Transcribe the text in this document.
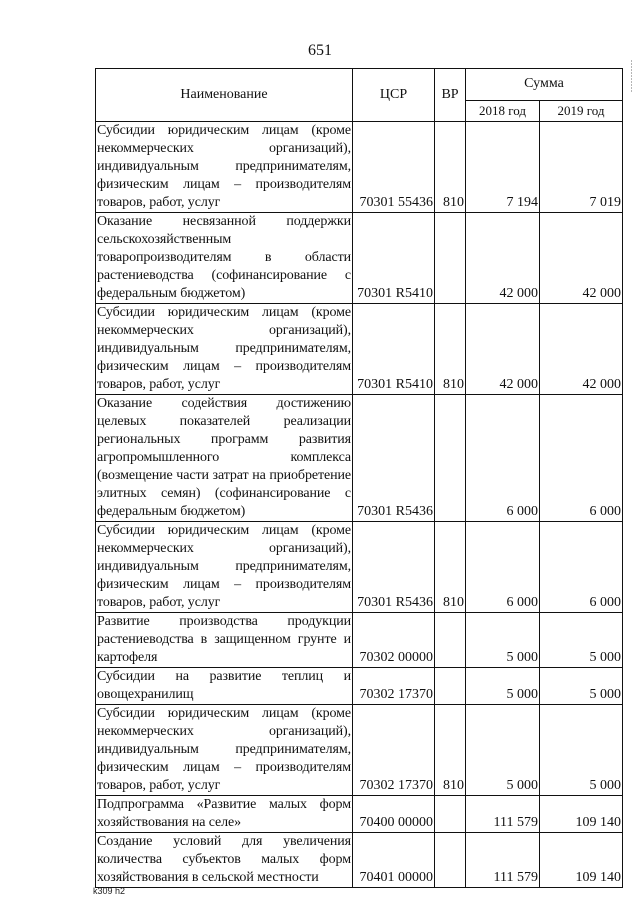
651
...........
Наименование	ЦСР	ВР	Сумма	
			2018 год	2019 год
Субсидии юридическим лицам (кроме некоммерческих организаций), индивидуальным предпринимателям, физическим лицам – производителям товаров, работ, услуг	70301 55436	810	7 194	7 019
Оказание несвязанной поддержки сельскохозяйственным товаропроизводителям в области растениеводства (софинансирование с федеральным бюджетом)	70301 R5410		42 000	42 000
Субсидии юридическим лицам (кроме некоммерческих организаций), индивидуальным предпринимателям, физическим лицам – производителям товаров, работ, услуг	70301 R5410	810	42 000	42 000
Оказание содействия достижению целевых показателей реализации региональных программ развития агропромышленного комплекса (возмещение части затрат на приобретение элитных семян) (софинансирование с федеральным бюджетом)	70301 R5436		6 000	6 000
Субсидии юридическим лицам (кроме некоммерческих организаций), индивидуальным предпринимателям, физическим лицам – производителям товаров, работ, услуг	70301 R5436	810	6 000	6 000
Развитие производства продукции растениеводства в защищенном грунте и картофеля	70302 00000		5 000	5 000
Субсидии на развитие теплиц и овощехранилищ	70302 17370		5 000	5 000
Субсидии юридическим лицам (кроме некоммерческих организаций), индивидуальным предпринимателям, физическим лицам – производителям товаров, работ, услуг	70302 17370	810	5 000	5 000
Подпрограмма «Развитие малых форм хозяйствования на селе»	70400 00000		111 579	109 140
Создание условий для увеличения количества субъектов малых форм хозяйствования в сельской местности	70401 00000		111 579	109 140
k309 h2
